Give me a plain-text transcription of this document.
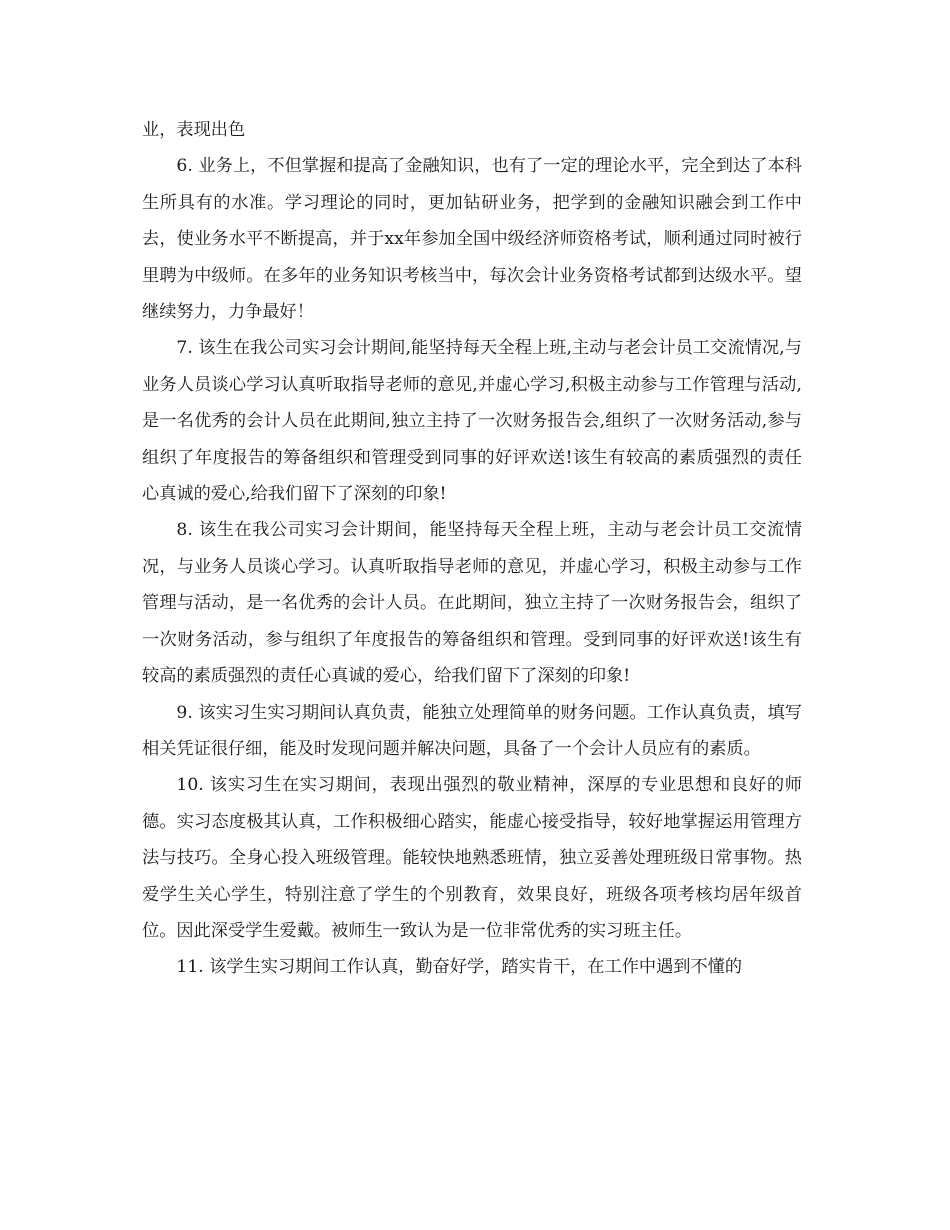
业，表现出色

6. 业务上，不但掌握和提高了金融知识，也有了一定的理论水平，完全到达了本科生所具有的水准。学习理论的同时，更加钻研业务，把学到的金融知识融会到工作中去，使业务水平不断提高，并于xx年参加全国中级经济师资格考试，顺利通过同时被行里聘为中级师。在多年的业务知识考核当中，每次会计业务资格考试都到达级水平。望继续努力，力争最好！

7. 该生在我公司实习会计期间,能坚持每天全程上班,主动与老会计员工交流情况,与业务人员谈心学习认真听取指导老师的意见,并虚心学习,积极主动参与工作管理与活动,是一名优秀的会计人员在此期间,独立主持了一次财务报告会,组织了一次财务活动,参与组织了年度报告的筹备组织和管理受到同事的好评欢送!该生有较高的素质强烈的责任心真诚的爱心,给我们留下了深刻的印象!

8. 该生在我公司实习会计期间，能坚持每天全程上班，主动与老会计员工交流情况，与业务人员谈心学习。认真听取指导老师的意见，并虚心学习，积极主动参与工作管理与活动，是一名优秀的会计人员。在此期间，独立主持了一次财务报告会，组织了一次财务活动，参与组织了年度报告的筹备组织和管理。受到同事的好评欢送!该生有较高的素质强烈的责任心真诚的爱心，给我们留下了深刻的印象!

9. 该实习生实习期间认真负责，能独立处理简单的财务问题。工作认真负责，填写相关凭证很仔细，能及时发现问题并解决问题，具备了一个会计人员应有的素质。

10. 该实习生在实习期间，表现出强烈的敬业精神，深厚的专业思想和良好的师德。实习态度极其认真，工作积极细心踏实，能虚心接受指导，较好地掌握运用管理方法与技巧。全身心投入班级管理。能较快地熟悉班情，独立妥善处理班级日常事物。热爱学生关心学生，特别注意了学生的个别教育，效果良好，班级各项考核均居年级首位。因此深受学生爱戴。被师生一致认为是一位非常优秀的实习班主任。

11. 该学生实习期间工作认真，勤奋好学，踏实肯干，在工作中遇到不懂的
